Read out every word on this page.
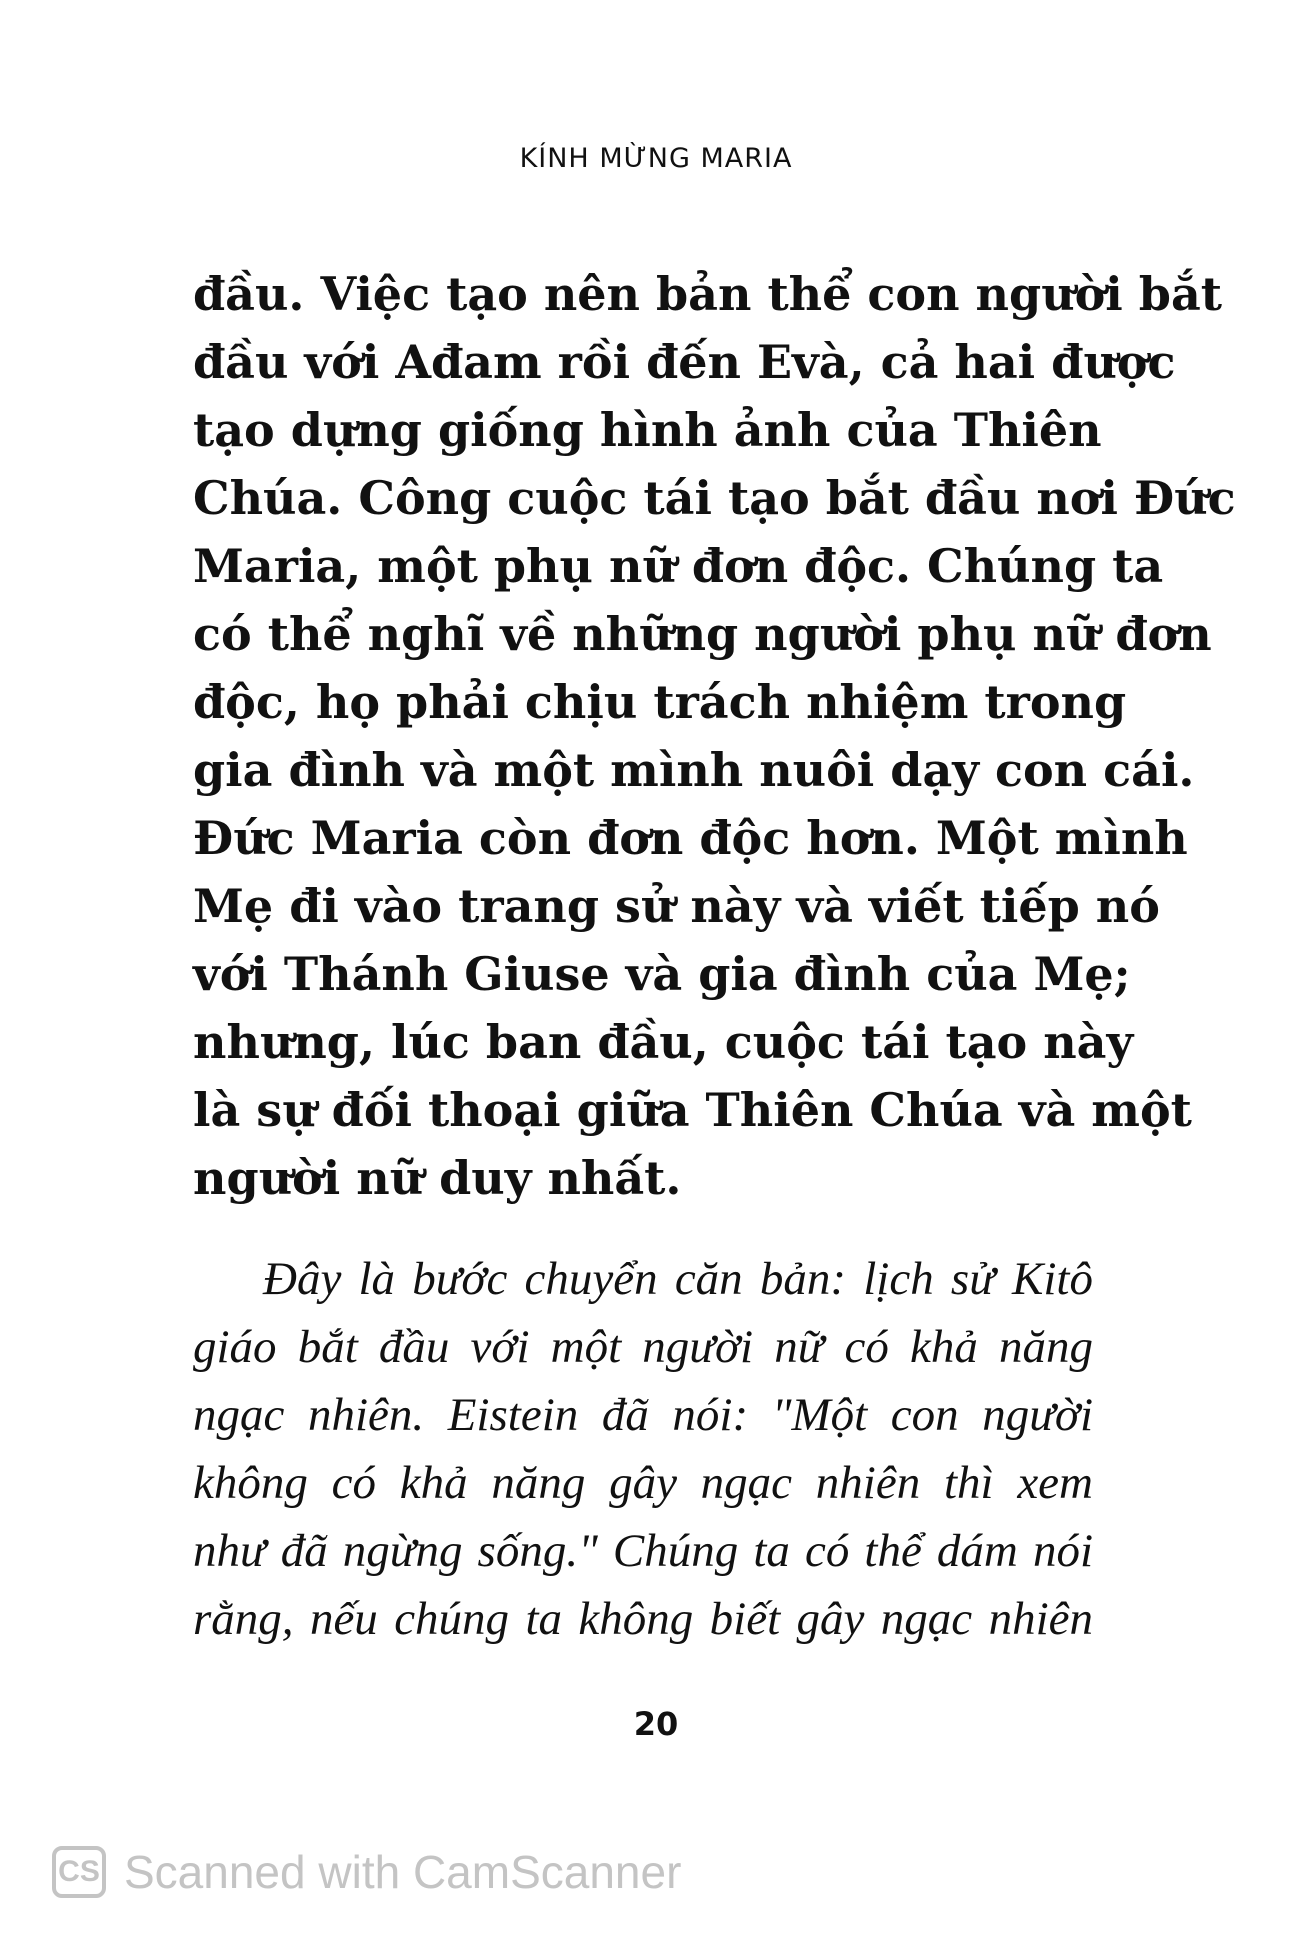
KÍNH MỪNG MARIA
đầu. Việc tạo nên bản thể con người bắt
đầu với Ađam rồi đến Evà, cả hai được
tạo dựng giống hình ảnh của Thiên
Chúa. Công cuộc tái tạo bắt đầu nơi Đức
Maria, một phụ nữ đơn độc. Chúng ta
có thể nghĩ về những người phụ nữ đơn
độc, họ phải chịu trách nhiệm trong
gia đình và một mình nuôi dạy con cái.
Đức Maria còn đơn độc hơn. Một mình
Mẹ đi vào trang sử này và viết tiếp nó
với Thánh Giuse và gia đình của Mẹ;
nhưng, lúc ban đầu, cuộc tái tạo này
là sự đối thoại giữa Thiên Chúa và một
người nữ duy nhất.
Đây là bước chuyển căn bản: lịch sử Kitô
giáo bắt đầu với một người nữ có khả năng
ngạc nhiên. Eistein đã nói: "Một con người
không có khả năng gây ngạc nhiên thì xem
như đã ngừng sống." Chúng ta có thể dám nói
rằng, nếu chúng ta không biết gây ngạc nhiên
20
CS Scanned with CamScanner
